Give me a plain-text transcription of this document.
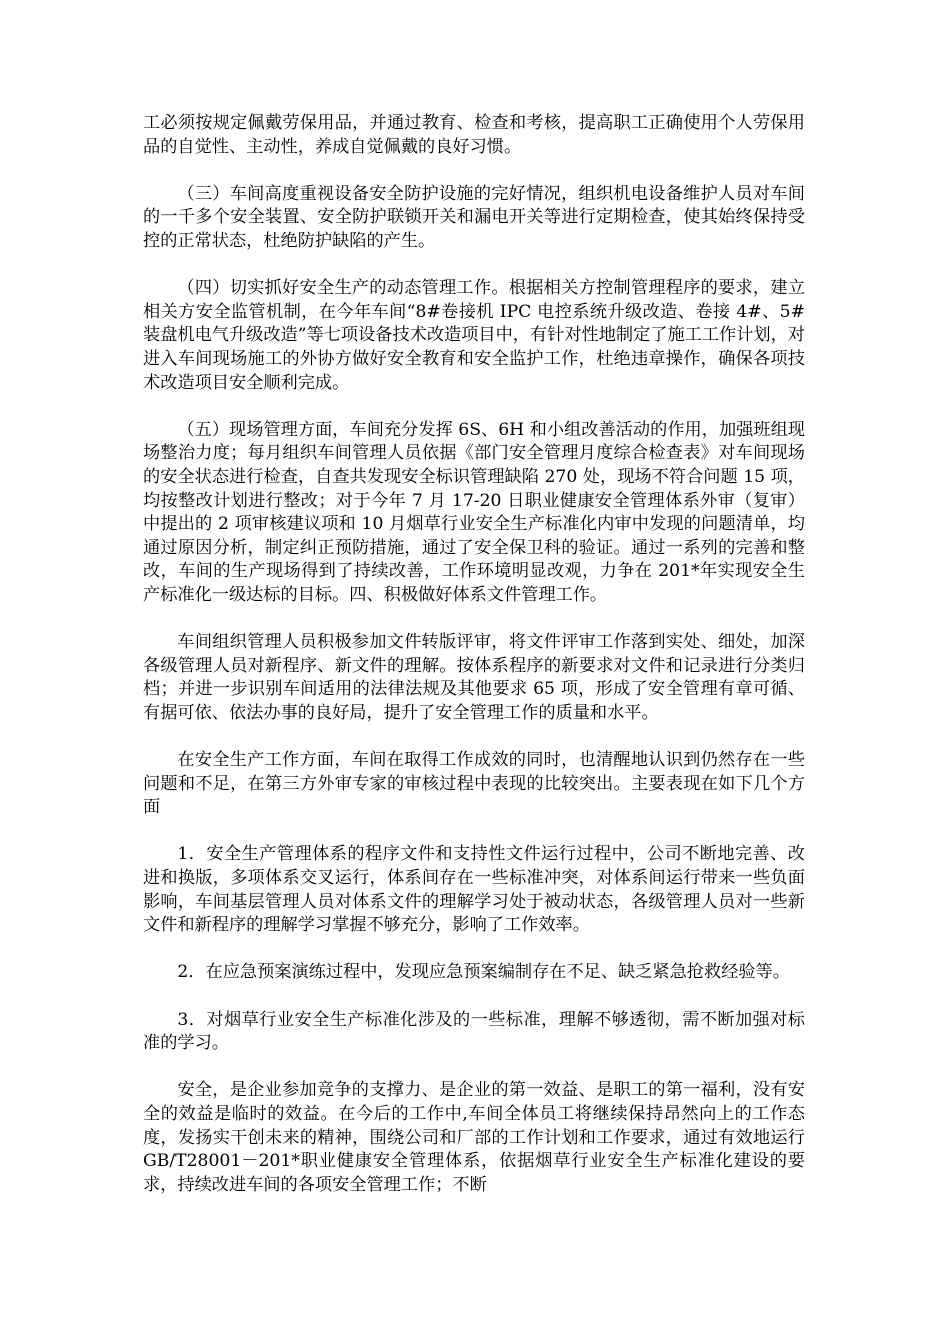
工必须按规定佩戴劳保用品，并通过教育、检查和考核，提高职工正确使用个人劳保用品的自觉性、主动性，养成自觉佩戴的良好习惯。

（三）车间高度重视设备安全防护设施的完好情况，组织机电设备维护人员对车间的一千多个安全装置、安全防护联锁开关和漏电开关等进行定期检查，使其始终保持受控的正常状态，杜绝防护缺陷的产生。

（四）切实抓好安全生产的动态管理工作。根据相关方控制管理程序的要求，建立相关方安全监管机制，在今年车间“8#卷接机 IPC 电控系统升级改造、卷接 4#、5#装盘机电气升级改造”等七项设备技术改造项目中，有针对性地制定了施工工作计划，对进入车间现场施工的外协方做好安全教育和安全监护工作，杜绝违章操作，确保各项技术改造项目安全顺利完成。

（五）现场管理方面，车间充分发挥 6S、6H 和小组改善活动的作用，加强班组现场整治力度；每月组织车间管理人员依据《部门安全管理月度综合检查表》对车间现场的安全状态进行检查，自查共发现安全标识管理缺陷 270 处，现场不符合问题 15 项，均按整改计划进行整改；对于今年 7 月 17-20 日职业健康安全管理体系外审（复审）中提出的 2 项审核建议项和 10 月烟草行业安全生产标准化内审中发现的问题清单，均通过原因分析，制定纠正预防措施，通过了安全保卫科的验证。通过一系列的完善和整改，车间的生产现场得到了持续改善，工作环境明显改观，力争在 201*年实现安全生产标准化一级达标的目标。四、积极做好体系文件管理工作。

车间组织管理人员积极参加文件转版评审，将文件评审工作落到实处、细处，加深各级管理人员对新程序、新文件的理解。按体系程序的新要求对文件和记录进行分类归档；并进一步识别车间适用的法律法规及其他要求 65 项，形成了安全管理有章可循、有据可依、依法办事的良好局，提升了安全管理工作的质量和水平。

在安全生产工作方面，车间在取得工作成效的同时，也清醒地认识到仍然存在一些问题和不足，在第三方外审专家的审核过程中表现的比较突出。主要表现在如下几个方面

1．安全生产管理体系的程序文件和支持性文件运行过程中，公司不断地完善、改进和换版，多项体系交叉运行，体系间存在一些标准冲突，对体系间运行带来一些负面影响，车间基层管理人员对体系文件的理解学习处于被动状态，各级管理人员对一些新文件和新程序的理解学习掌握不够充分，影响了工作效率。

2．在应急预案演练过程中，发现应急预案编制存在不足、缺乏紧急抢救经验等。

3．对烟草行业安全生产标准化涉及的一些标准，理解不够透彻，需不断加强对标准的学习。

安全，是企业参加竞争的支撑力、是企业的第一效益、是职工的第一福利，没有安全的效益是临时的效益。在今后的工作中,车间全体员工将继续保持昂然向上的工作态度，发扬实干创未来的精神，围绕公司和厂部的工作计划和工作要求，通过有效地运行 GB/T28001－201*职业健康安全管理体系，依据烟草行业安全生产标准化建设的要求，持续改进车间的各项安全管理工作；不断
